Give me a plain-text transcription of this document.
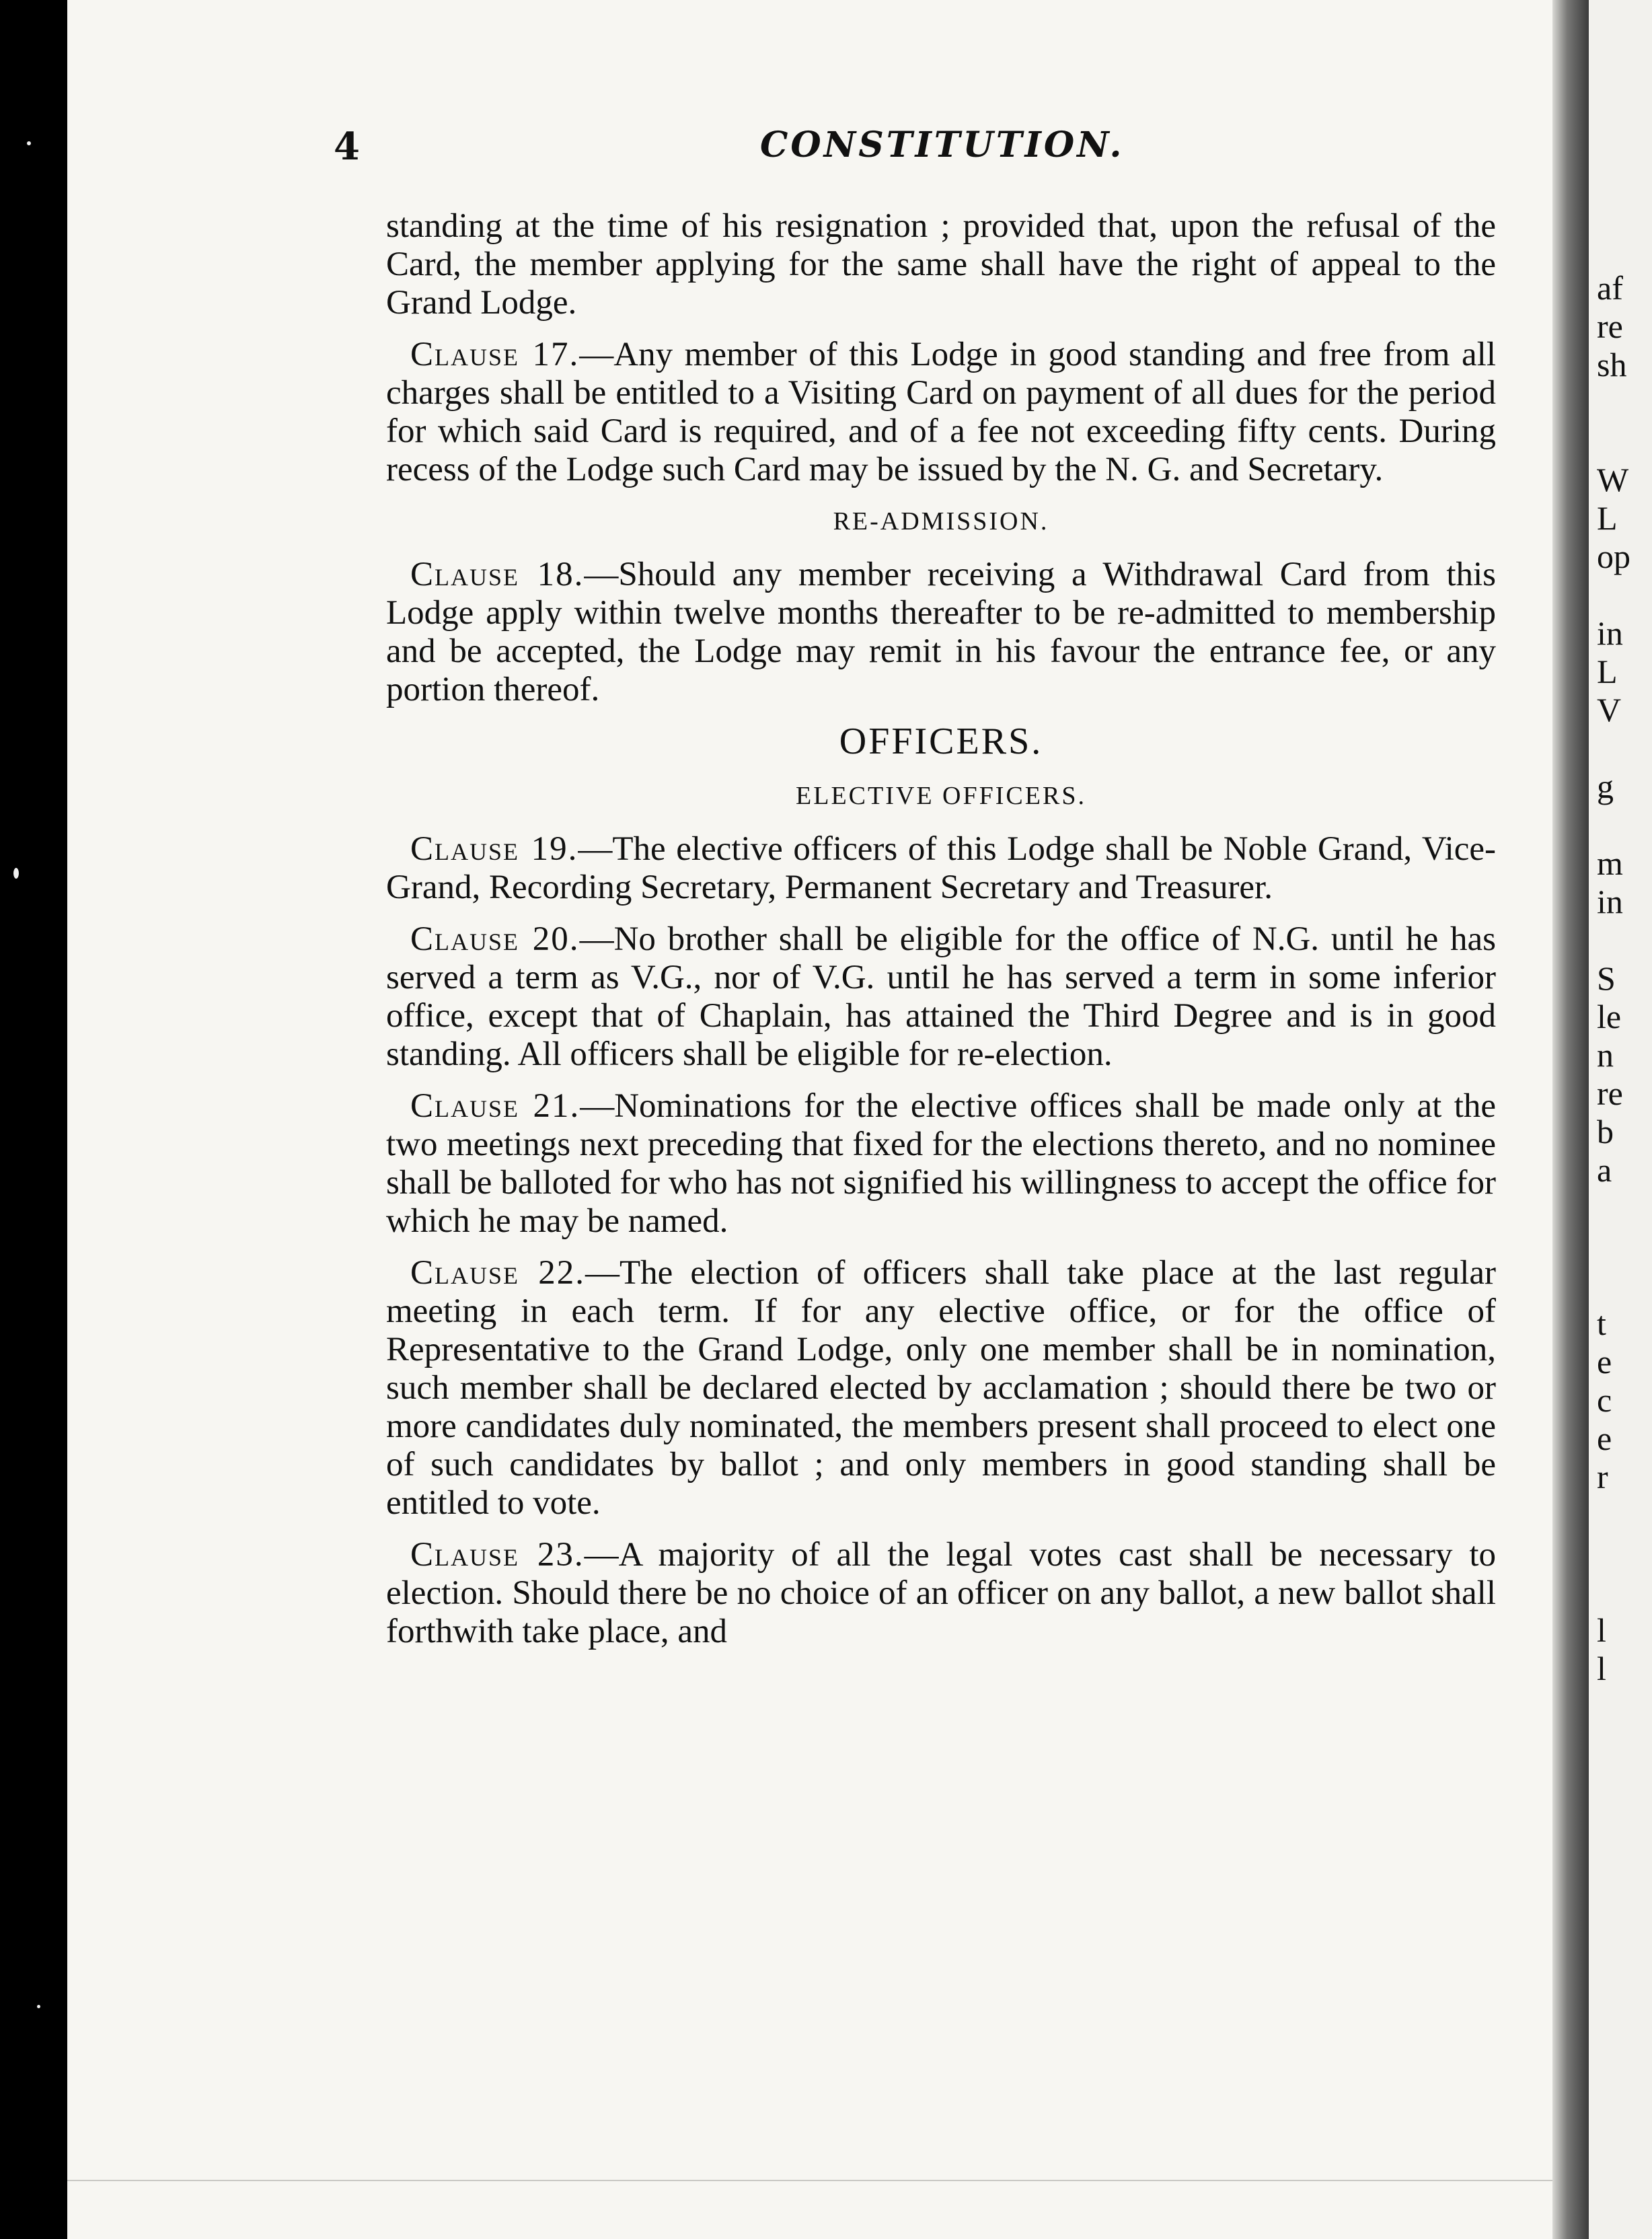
4	CONSTITUTION.

standing at the time of his resignation ; provided that, upon the refusal of the Card, the member applying for the same shall have the right of appeal to the Grand Lodge.

Clause 17.—Any member of this Lodge in good standing and free from all charges shall be entitled to a Visiting Card on payment of all dues for the period for which said Card is required, and of a fee not exceeding fifty cents. During recess of the Lodge such Card may be issued by the N. G. and Secretary.

RE-ADMISSION.

Clause 18.—Should any member receiving a Withdrawal Card from this Lodge apply within twelve months thereafter to be re-admitted to membership and be accepted, the Lodge may remit in his favour the entrance fee, or any portion thereof.

OFFICERS.
ELECTIVE OFFICERS.

Clause 19.—The elective officers of this Lodge shall be Noble Grand, Vice-Grand, Recording Secretary, Permanent Secretary and Treasurer.

Clause 20.—No brother shall be eligible for the office of N.G. until he has served a term as V.G., nor of V.G. until he has served a term in some inferior office, except that of Chaplain, has attained the Third Degree and is in good standing. All officers shall be eligible for re-election.

Clause 21.—Nominations for the elective offices shall be made only at the two meetings next preceding that fixed for the elections thereto, and no nominee shall be balloted for who has not signified his willingness to accept the office for which he may be named.

Clause 22.—The election of officers shall take place at the last regular meeting in each term. If for any elective office, or for the office of Representative to the Grand Lodge, only one member shall be in nomination, such member shall be declared elected by acclamation ; should there be two or more candidates duly nominated, the members present shall proceed to elect one of such candidates by ballot ; and only members in good standing shall be entitled to vote.

Clause 23.—A majority of all the legal votes cast shall be necessary to election. Should there be no choice of an officer on any ballot, a new ballot shall forthwith take place, and

af
re
sh

W
L
op

in
L
V

g

m
in

S
le
n
re
b
a

t
e
c
e
r

l
l
